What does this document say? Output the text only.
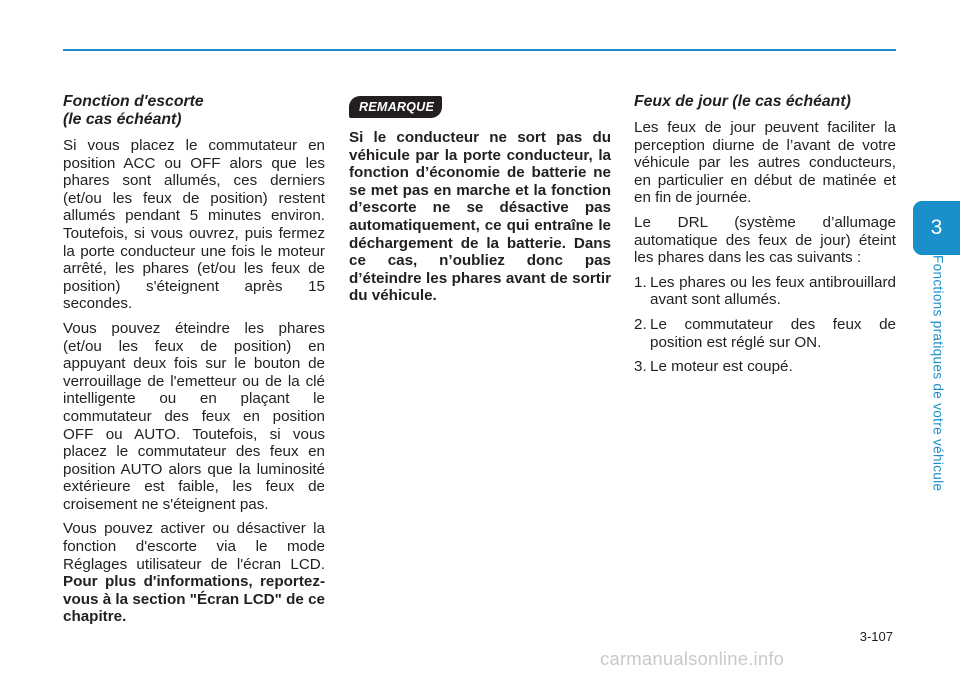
Fonction d'escorte
(le cas échéant)

Si vous placez le commutateur en position ACC ou OFF alors que les phares sont allumés, ces derniers (et/ou les feux de position) restent allumés pendant 5 minutes environ. Toutefois, si vous ouvrez, puis fermez la porte conducteur une fois le moteur arrêté, les phares (et/ou les feux de position) s'éteignent après 15 secondes.

Vous pouvez éteindre les phares (et/ou les feux de position) en appuyant deux fois sur le bouton de verrouillage de l'emetteur ou de la clé intelligente ou en plaçant le commutateur des feux en position OFF ou AUTO. Toutefois, si vous placez le commutateur des feux en position AUTO alors que la luminosité extérieure est faible, les feux de croisement ne s'éteignent pas.

Vous pouvez activer ou désactiver la fonction d'escorte via le mode Réglages utilisateur de l'écran LCD. Pour plus d'informations, reportez-vous à la section "Écran LCD" de ce chapitre.

REMARQUE

Si le conducteur ne sort pas du véhicule par la porte conducteur, la fonction d’économie de batterie ne se met pas en marche et la fonction d’escorte ne se désactive pas automatiquement, ce qui entraîne le déchargement de la batterie. Dans ce cas, n’oubliez donc pas d’éteindre les phares avant de sortir du véhicule.

Feux de jour (le cas échéant)

Les feux de jour peuvent faciliter la perception diurne de l’avant de votre véhicule par les autres conducteurs, en particulier en début de matinée et en fin de journée.

Le DRL (système d’allumage automatique des feux de jour) éteint les phares dans les cas suivants :

1. Les phares ou les feux antibrouillard avant sont allumés.
2. Le commutateur des feux de position est réglé sur ON.
3. Le moteur est coupé.
3
Fonctions pratiques de votre véhicule
3-107
carmanualsonline.info
